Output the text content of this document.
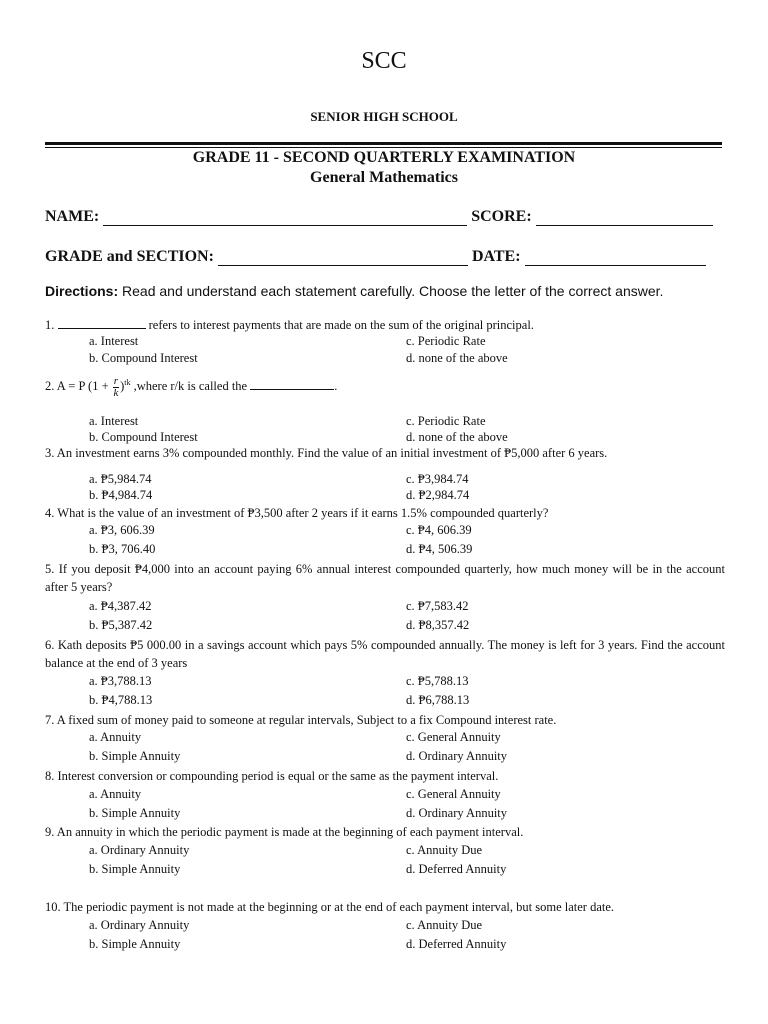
SCC
SENIOR HIGH SCHOOL
GRADE 11 - SECOND QUARTERLY EXAMINATION
General Mathematics
NAME:	SCORE:
GRADE and SECTION:	DATE:
Directions: Read and understand each statement carefully. Choose the letter of the correct answer.
1.	refers to interest payments that are made on the sum of the original principal.
a. Interest	c. Periodic Rate
b. Compound Interest	d. none of the above
2. A = P $(1 + \frac{r}{k} )^{tk}$ ,where r/k is called the	.
a. Interest	c. Periodic Rate
b. Compound Interest	d. none of the above
3. An investment earns 3% compounded monthly. Find the value of an initial investment of ₱5,000 after 6 years.
a. ₱5,984.74	c. ₱3,984.74
b. ₱4,984.74	d. ₱2,984.74
4. What is the value of an investment of ₱3,500 after 2 years if it earns 1.5% compounded quarterly?
a. ₱3, 606.39	c. ₱4, 606.39
b. ₱3, 706.40	d. ₱4, 506.39
5. If you deposit ₱4,000 into an account paying 6% annual interest compounded quarterly, how much money will be in the account after 5 years?
a. ₱4,387.42	c. ₱7,583.42
b. ₱5,387.42	d. ₱8,357.42
6. Kath deposits ₱5 000.00 in a savings account which pays 5% compounded annually. The money is left for 3 years. Find the account balance at the end of 3 years
a. ₱3,788.13	c. ₱5,788.13
b. ₱4,788.13	d. ₱6,788.13
7. A fixed sum of money paid to someone at regular intervals, Subject to a fix Compound interest rate.
a. Annuity	c. General Annuity
b. Simple Annuity	d. Ordinary Annuity
8. Interest conversion or compounding period is equal or the same as the payment interval.
a. Annuity	c. General Annuity
b. Simple Annuity	d. Ordinary Annuity
9. An annuity in which the periodic payment is made at the beginning of each payment interval.
a. Ordinary Annuity	c. Annuity Due
b. Simple Annuity	d. Deferred Annuity
10. The periodic payment is not made at the beginning or at the end of each payment interval, but some later date.
a. Ordinary Annuity	c. Annuity Due
b. Simple Annuity	d. Deferred Annuity
